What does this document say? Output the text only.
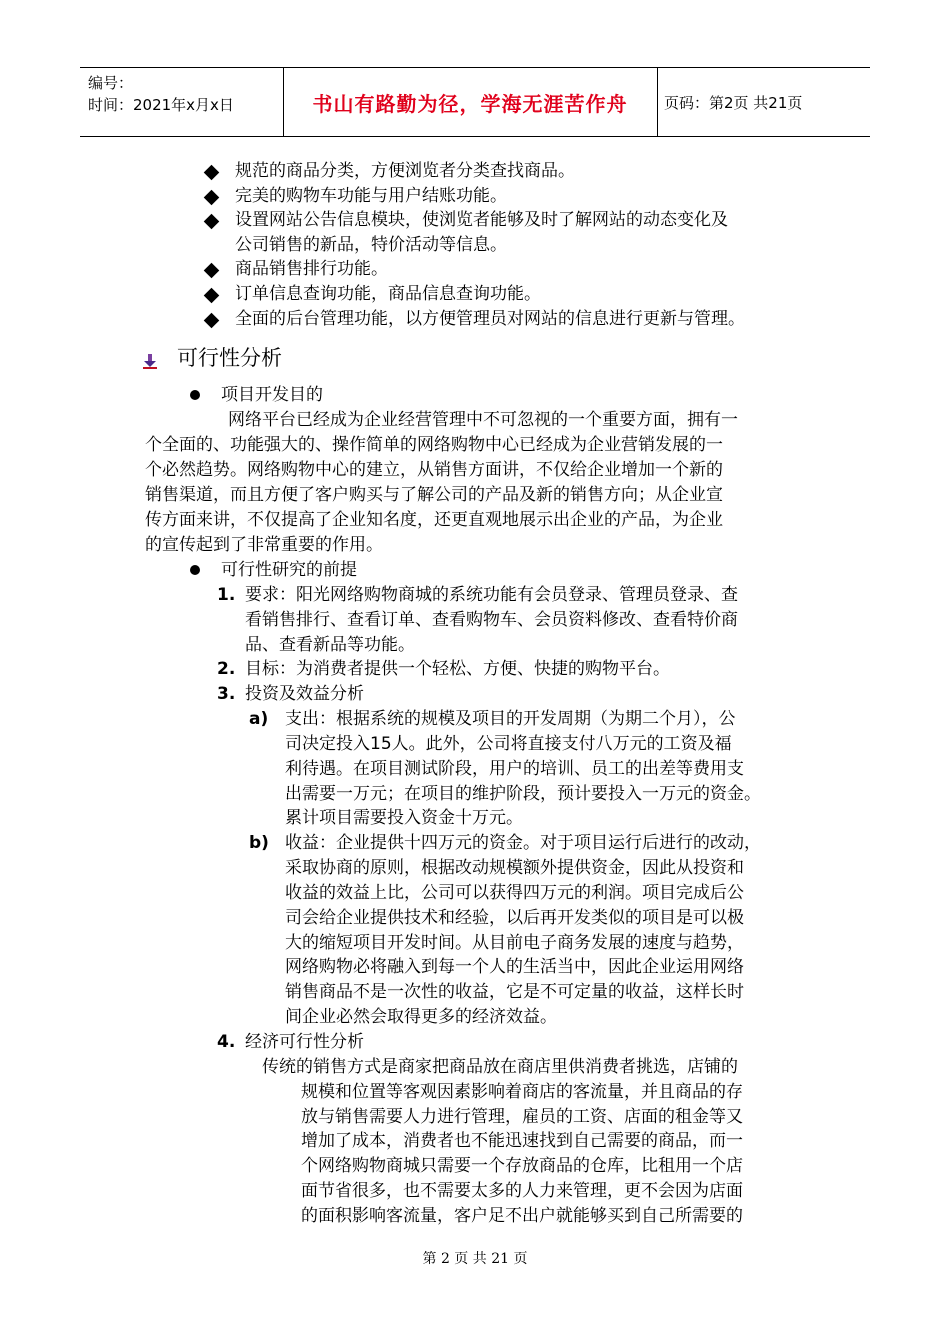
编号：
时间：2021年x月x日	书山有路勤为径，学海无涯苦作舟	页码：第2页 共21页
规范的商品分类，方便浏览者分类查找商品。
完美的购物车功能与用户结账功能。
设置网站公告信息模块，使浏览者能够及时了解网站的动态变化及
公司销售的新品，特价活动等信息。
商品销售排行功能。
订单信息查询功能，商品信息查询功能。
全面的后台管理功能，以方便管理员对网站的信息进行更新与管理。
可行性分析
项目开发目的
网络平台已经成为企业经营管理中不可忽视的一个重要方面，拥有一
个全面的、功能强大的、操作简单的网络购物中心已经成为企业营销发展的一
个必然趋势。网络购物中心的建立，从销售方面讲，不仅给企业增加一个新的
销售渠道，而且方便了客户购买与了解公司的产品及新的销售方向；从企业宣
传方面来讲，不仅提高了企业知名度，还更直观地展示出企业的产品，为企业
的宣传起到了非常重要的作用。
可行性研究的前提
1. 要求：阳光网络购物商城的系统功能有会员登录、管理员登录、查
看销售排行、查看订单、查看购物车、会员资料修改、查看特价商
品、查看新品等功能。
2. 目标：为消费者提供一个轻松、方便、快捷的购物平台。
3. 投资及效益分析
a) 支出：根据系统的规模及项目的开发周期（为期二个月），公
司决定投入15人。此外，公司将直接支付八万元的工资及福
利待遇。在项目测试阶段，用户的培训、员工的出差等费用支
出需要一万元；在项目的维护阶段，预计要投入一万元的资金。
累计项目需要投入资金十万元。
b) 收益：企业提供十四万元的资金。对于项目运行后进行的改动，
采取协商的原则，根据改动规模额外提供资金，因此从投资和
收益的效益上比，公司可以获得四万元的利润。项目完成后公
司会给企业提供技术和经验，以后再开发类似的项目是可以极
大的缩短项目开发时间。从目前电子商务发展的速度与趋势，
网络购物必将融入到每一个人的生活当中，因此企业运用网络
销售商品不是一次性的收益，它是不可定量的收益，这样长时
间企业必然会取得更多的经济效益。
4. 经济可行性分析
传统的销售方式是商家把商品放在商店里供消费者挑选，店铺的
规模和位置等客观因素影响着商店的客流量，并且商品的存
放与销售需要人力进行管理，雇员的工资、店面的租金等又
增加了成本，消费者也不能迅速找到自己需要的商品，而一
个网络购物商城只需要一个存放商品的仓库，比租用一个店
面节省很多，也不需要太多的人力来管理，更不会因为店面
的面积影响客流量，客户足不出户就能够买到自己所需要的
第 2 页 共 21 页
